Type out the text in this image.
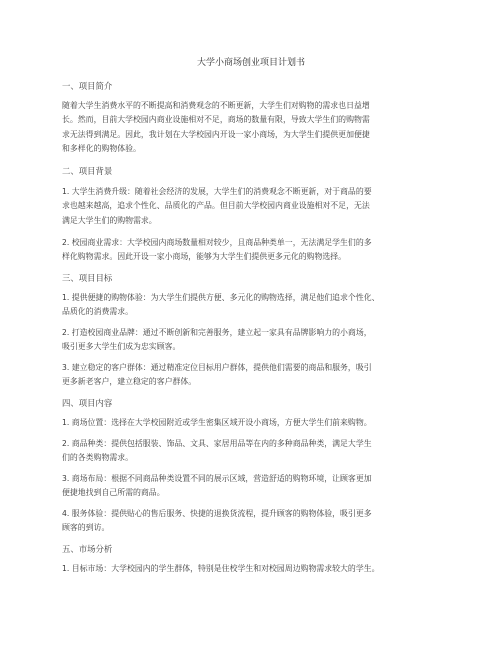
大学小商场创业项目计划书
一、项目简介
随着大学生消费水平的不断提高和消费观念的不断更新，大学生们对购物的需求也日益增
长。然而，目前大学校园内商业设施相对不足，商场的数量有限，导致大学生们的购物需
求无法得到满足。因此，我计划在大学校园内开设一家小商场，为大学生们提供更加便捷
和多样化的购物体验。
二、项目背景
1. 大学生消费升级：随着社会经济的发展，大学生们的消费观念不断更新，对于商品的要
求也越来越高，追求个性化、品质化的产品。但目前大学校园内商业设施相对不足，无法
满足大学生们的购物需求。
2. 校园商业需求：大学校园内商场数量相对较少，且商品种类单一，无法满足学生们的多
样化购物需求。因此开设一家小商场，能够为大学生们提供更多元化的购物选择。
三、项目目标
1. 提供便捷的购物体验：为大学生们提供方便、多元化的购物选择，满足他们追求个性化、
品质化的消费需求。
2. 打造校园商业品牌：通过不断创新和完善服务，建立起一家具有品牌影响力的小商场，
吸引更多大学生们成为忠实顾客。
3. 建立稳定的客户群体：通过精准定位目标用户群体，提供他们需要的商品和服务，吸引
更多新老客户，建立稳定的客户群体。
四、项目内容
1. 商场位置：选择在大学校园附近或学生密集区域开设小商场，方便大学生们前来购物。
2. 商品种类：提供包括服装、饰品、文具、家居用品等在内的多种商品种类，满足大学生
们的各类购物需求。
3. 商场布局：根据不同商品种类设置不同的展示区域，营造舒适的购物环境，让顾客更加
便捷地找到自己所需的商品。
4. 服务体验：提供贴心的售后服务、快捷的退换货流程，提升顾客的购物体验，吸引更多
顾客的到访。
五、市场分析
1. 目标市场：大学校园内的学生群体，特别是住校学生和对校园周边购物需求较大的学生。
